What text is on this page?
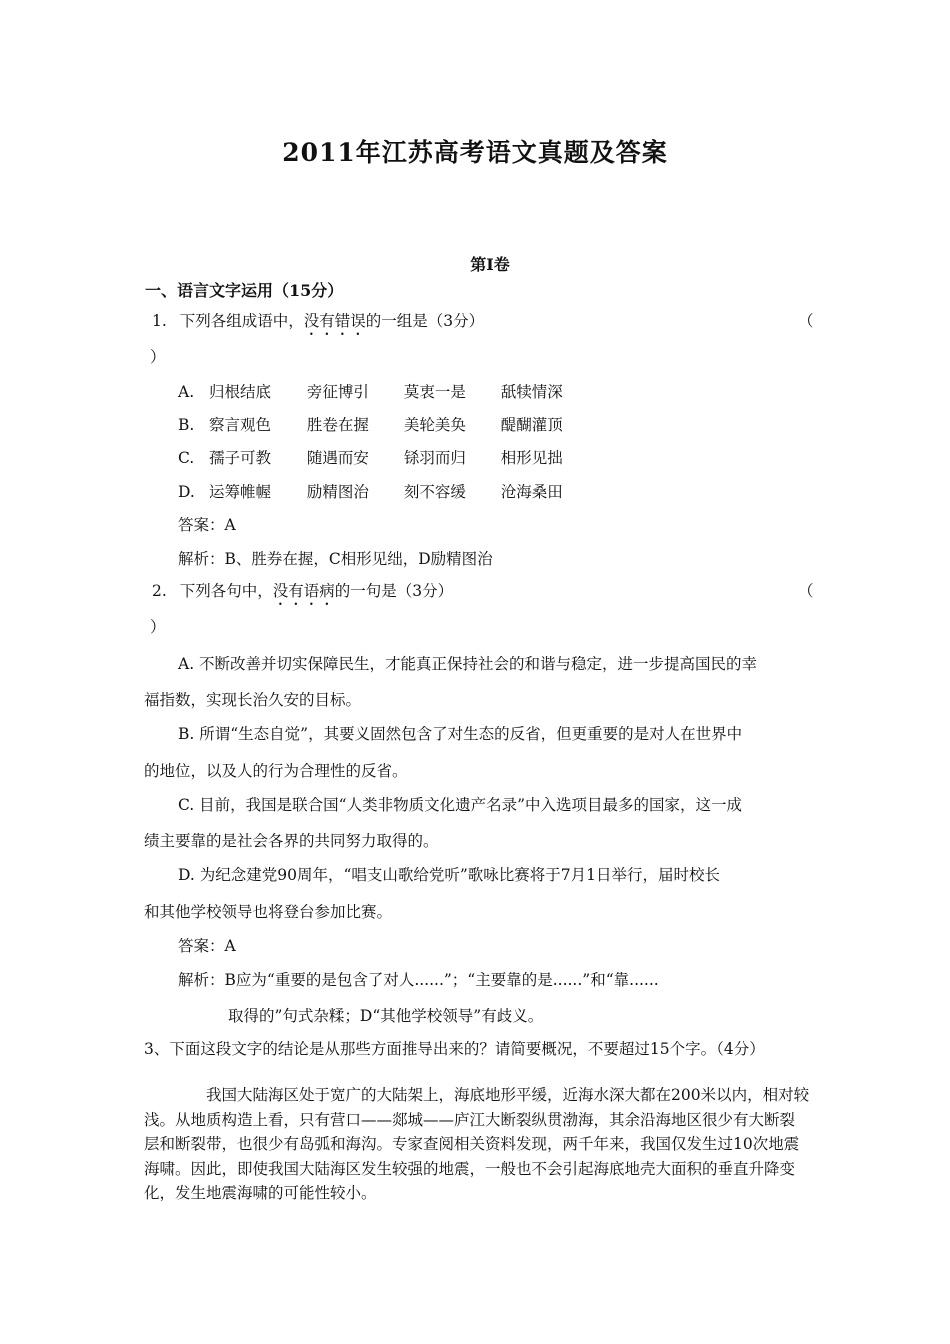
2011年江苏高考语文真题及答案
第Ⅰ卷
一、语言文字运用（15分）
1. 下列各组成语中，没有错误的一组是（3分）	（
）
A. 归根结底 旁征博引 莫衷一是 舐犊情深
B. 察言观色 胜卷在握 美轮美奂 醍醐灌顶
C. 孺子可教 随遇而安 铩羽而归 相形见拙
D. 运筹帷幄 励精图治 刻不容缓 沧海桑田
答案：A
解析：B、胜券在握，C相形见绌，D励精图治
2. 下列各句中，没有语病的一句是（3分）	（
）
A. 不断改善并切实保障民生，才能真正保持社会的和谐与稳定，进一步提高国民的幸
福指数，实现长治久安的目标。
B. 所谓“生态自觉”，其要义固然包含了对生态的反省，但更重要的是对人在世界中
的地位，以及人的行为合理性的反省。
C. 目前，我国是联合国“人类非物质文化遗产名录”中入选项目最多的国家，这一成
绩主要靠的是社会各界的共同努力取得的。
D. 为纪念建党90周年，“唱支山歌给党听”歌咏比赛将于7月1日举行，届时校长
和其他学校领导也将登台参加比赛。
答案：A
解析：B应为“重要的是包含了对人......”；“主要靠的是......”和“靠......
取得的”句式杂糅；D“其他学校领导”有歧义。
3、下面这段文字的结论是从那些方面推导出来的？请简要概况，不要超过15个字。（4分）
我国大陆海区处于宽广的大陆架上，海底地形平缓，近海水深大都在200米以内，相对较浅。从地质构造上看，只有营口——郯城——庐江大断裂纵贯渤海，其余沿海地区很少有大断裂层和断裂带，也很少有岛弧和海沟。专家查阅相关资料发现，两千年来，我国仅发生过10次地震海啸。因此，即使我国大陆海区发生较强的地震，一般也不会引起海底地壳大面积的垂直升降变化，发生地震海啸的可能性较小。
